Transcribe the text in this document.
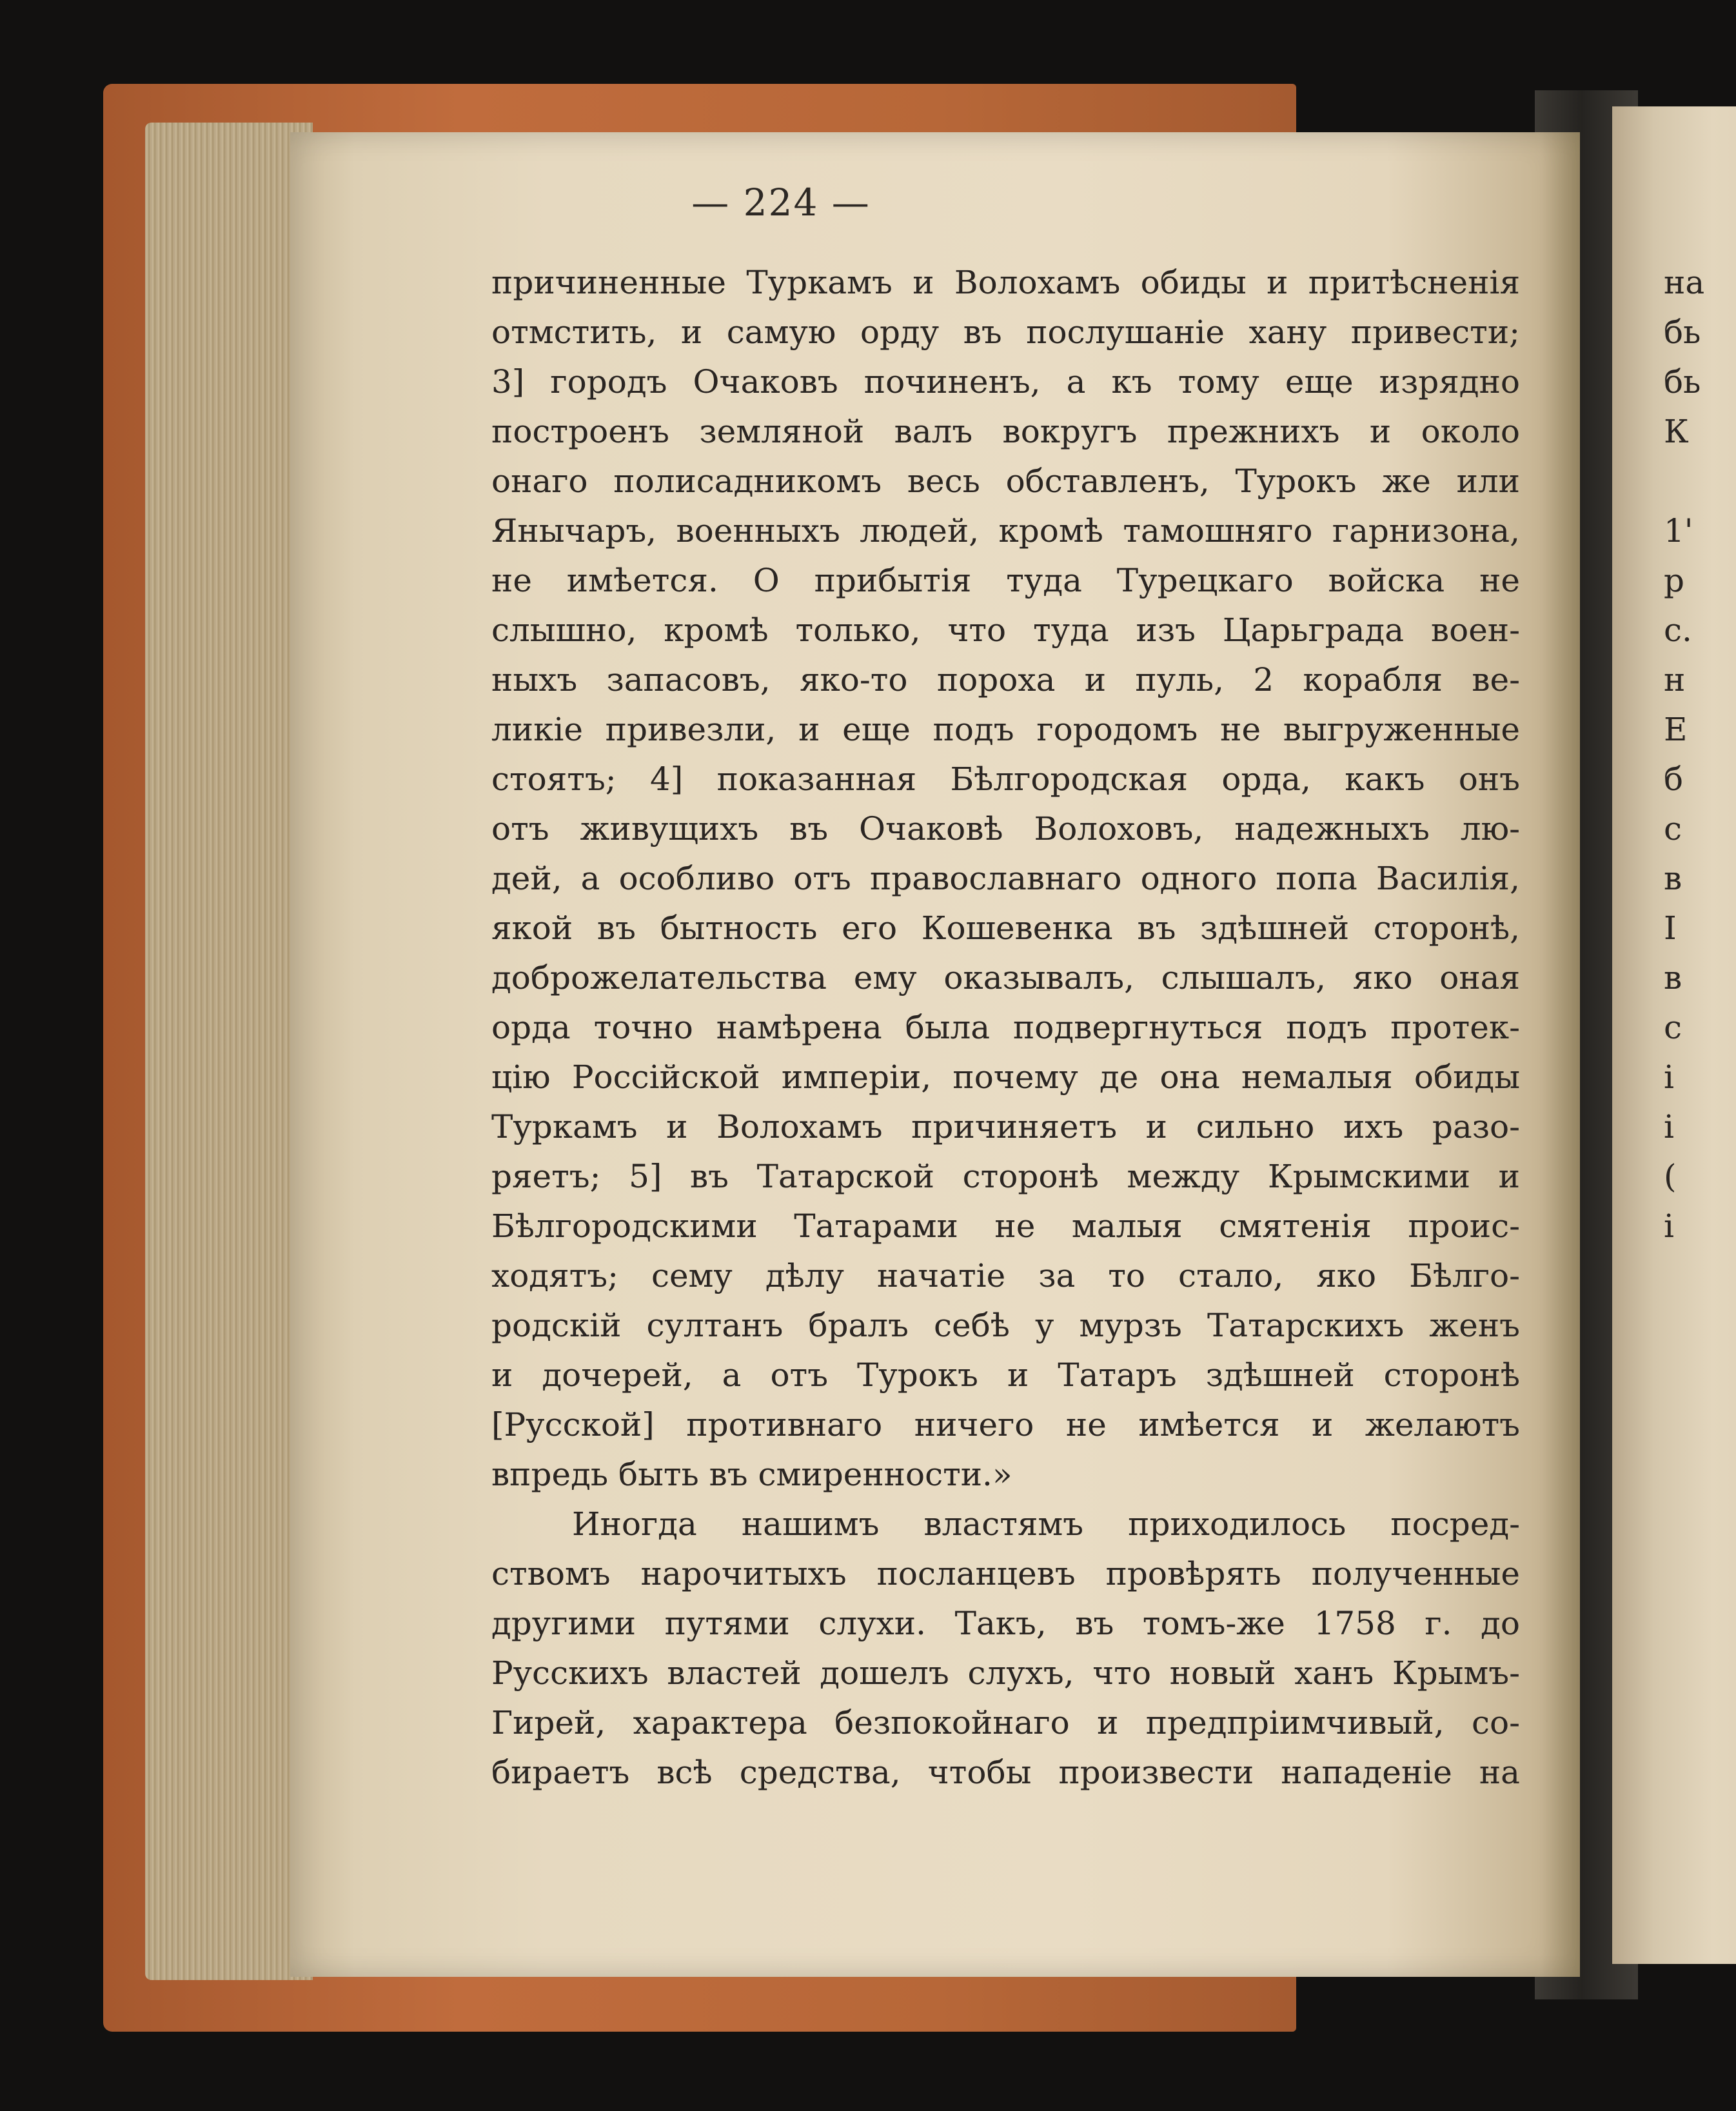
— 224 —
причиненные Туркамъ и Волохамъ обиды и притѣсненія
отмстить, и самую орду въ послушаніе хану привести;
3] городъ Очаковъ починенъ, а къ тому еще изрядно
построенъ земляной валъ вокругъ прежнихъ и около
онаго полисадникомъ весь обставленъ, Турокъ же или
Янычаръ, военныхъ людей, кромѣ тамошняго гарнизона,
не имѣется. О прибытія туда Турецкаго войска не
слышно, кромѣ только, что туда изъ Царьграда воен-
ныхъ запасовъ, яко-то пороха и пуль, 2 корабля ве-
ликіе привезли, и еще подъ городомъ не выгруженные
стоятъ; 4] показанная Бѣлгородская орда, какъ онъ
отъ живущихъ въ Очаковѣ Волоховъ, надежныхъ лю-
дей, а особливо отъ православнаго одного попа Василія,
якой въ бытность его Кошевенка въ здѣшней сторонѣ,
доброжелательства ему оказывалъ, слышалъ, яко оная
орда точно намѣрена была подвергнуться подъ протек-
цію Россійской имперіи, почему де она немалыя обиды
Туркамъ и Волохамъ причиняетъ и сильно ихъ разо-
ряетъ; 5] въ Татарской сторонѣ между Крымскими и
Бѣлгородскими Татарами не малыя смятенія проис-
ходятъ; сему дѣлу начатіе за то стало, яко Бѣлго-
родскій султанъ бралъ себѣ у мурзъ Татарскихъ женъ
и дочерей, а отъ Турокъ и Татаръ здѣшней сторонѣ
[Русской] противнаго ничего не имѣется и желаютъ
впредь быть въ смиренности.»
Иногда нашимъ властямъ приходилось посред-
ствомъ нарочитыхъ посланцевъ провѣрять полученные
другими путями слухи. Такъ, въ томъ-же 1758 г. до
Русскихъ властей дошелъ слухъ, что новый ханъ Крымъ-
Гирей, характера безпокойнаго и предпріимчивый, со-
бираетъ всѣ средства, чтобы произвести нападеніе на
на
бь
бь
К
1'
р
с.
н
Е
б
с
в
І
в
с
і
і
(
і
